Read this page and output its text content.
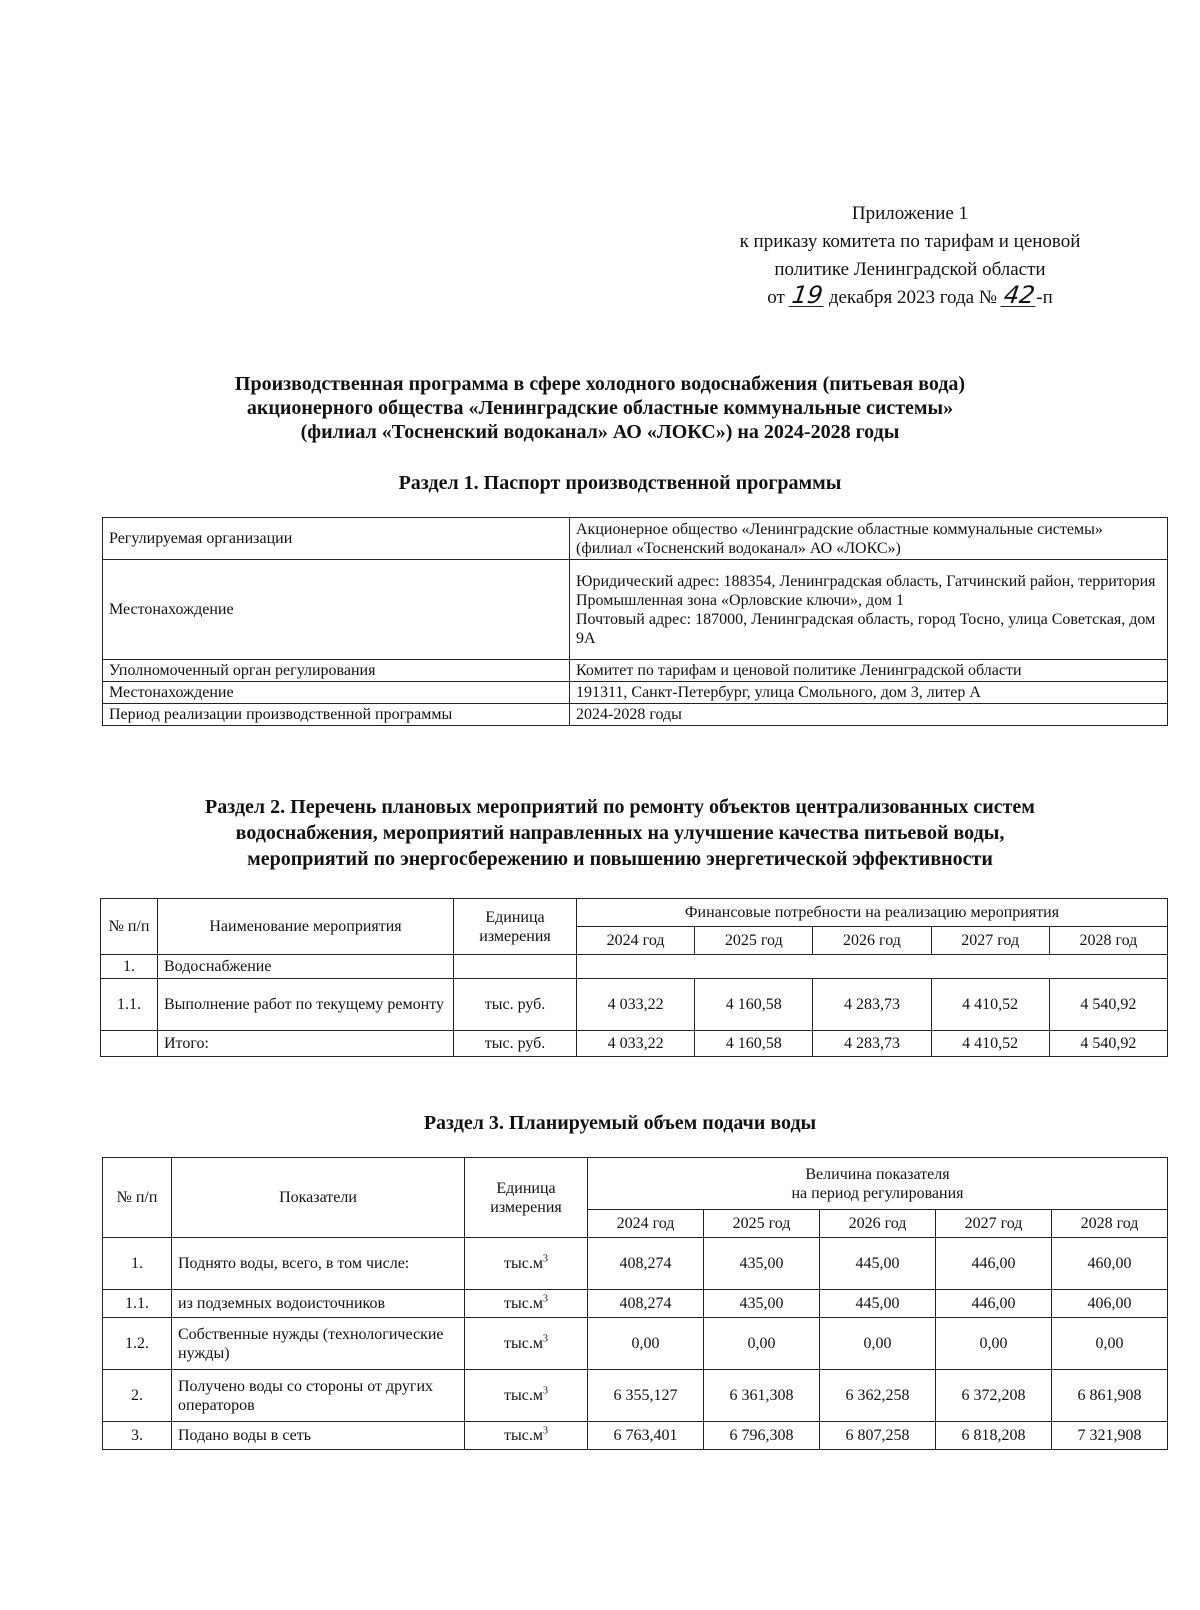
Приложение 1
к приказу комитета по тарифам и ценовой
политике Ленинградской области
от 19 декабря 2023 года № 42-п
Производственная программа в сфере холодного водоснабжения (питьевая вода)
акционерного общества «Ленинградские областные коммунальные системы»
(филиал «Тосненский водоканал» АО «ЛОКС») на 2024-2028 годы
Раздел 1. Паспорт производственной программы
Регулируемая организации	Акционерное общество «Ленинградские областные коммунальные системы» (филиал «Тосненский водоканал» АО «ЛОКС»)
Местонахождение	Юридический адрес: 188354, Ленинградская область, Гатчинский район, территория Промышленная зона «Орловские ключи», дом 1
Почтовый адрес: 187000, Ленинградская область, город Тосно, улица Советская, дом 9А

Уполномоченный орган регулирования	Комитет по тарифам и ценовой политике Ленинградской области
Местонахождение	191311, Санкт-Петербург, улица Смольного, дом 3, литер А
Период реализации производственной программы	2024-2028 годы
Раздел 2. Перечень плановых мероприятий по ремонту объектов централизованных систем
водоснабжения, мероприятий направленных на улучшение качества питьевой воды,
мероприятий по энергосбережению и повышению энергетической эффективности
№ п/п	Наименование мероприятия	Единица измерения	Финансовые потребности на реализацию мероприятия				
			2024 год	2025 год	2026 год	2027 год	2028 год
1.	Водоснабжение						
1.1.	Выполнение работ по текущему ремонту	тыс. руб.	4 033,22	4 160,58	4 283,73	4 410,52	4 540,92
	Итого:	тыс. руб.	4 033,22	4 160,58	4 283,73	4 410,52	4 540,92
Раздел 3. Планируемый объем подачи воды
№ п/п	Показатели	Единица измерения	Величина показателя
на период регулирования				

			2024 год	2025 год	2026 год	2027 год	2028 год
1.	Поднято воды, всего, в том числе:	$тыс.м^3$	408,274	435,00	445,00	446,00	460,00
1.1.	из подземных водоисточников	$тыс.м^3$	408,274	435,00	445,00	446,00	406,00
1.2.	Собственные нужды (технологические нужды)	$тыс.м^3$	0,00	0,00	0,00	0,00	0,00
2.	Получено воды со стороны от других операторов	$тыс.м^3$	6 355,127	6 361,308	6 362,258	6 372,208	6 861,908
3.	Подано воды в сеть	$тыс.м^3$	6 763,401	6 796,308	6 807,258	6 818,208	7 321,908
